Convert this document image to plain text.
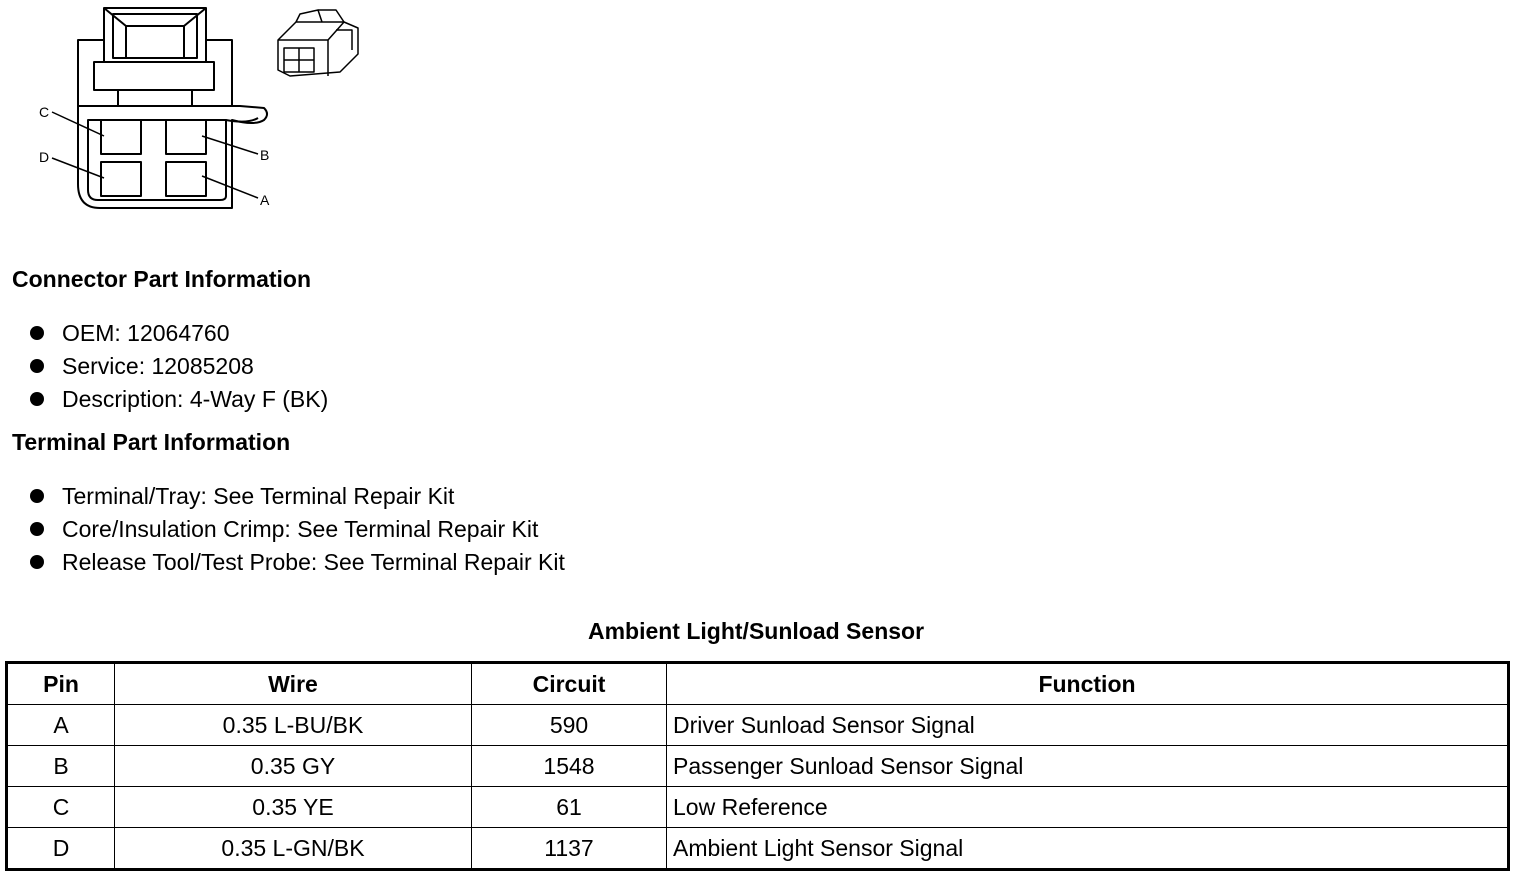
C
D	B
A
Connector Part Information
OEM: 12064760
Service: 12085208
Description: 4-Way F (BK)
Terminal Part Information
Terminal/Tray: See Terminal Repair Kit
Core/Insulation Crimp: See Terminal Repair Kit
Release Tool/Test Probe: See Terminal Repair Kit
Ambient Light/Sunload Sensor
Pin	Wire	Circuit	Function
A	0.35 L-BU/BK	590	Driver Sunload Sensor Signal
B	0.35 GY	1548	Passenger Sunload Sensor Signal
C	0.35 YE	61	Low Reference
D	0.35 L-GN/BK	1137	Ambient Light Sensor Signal
